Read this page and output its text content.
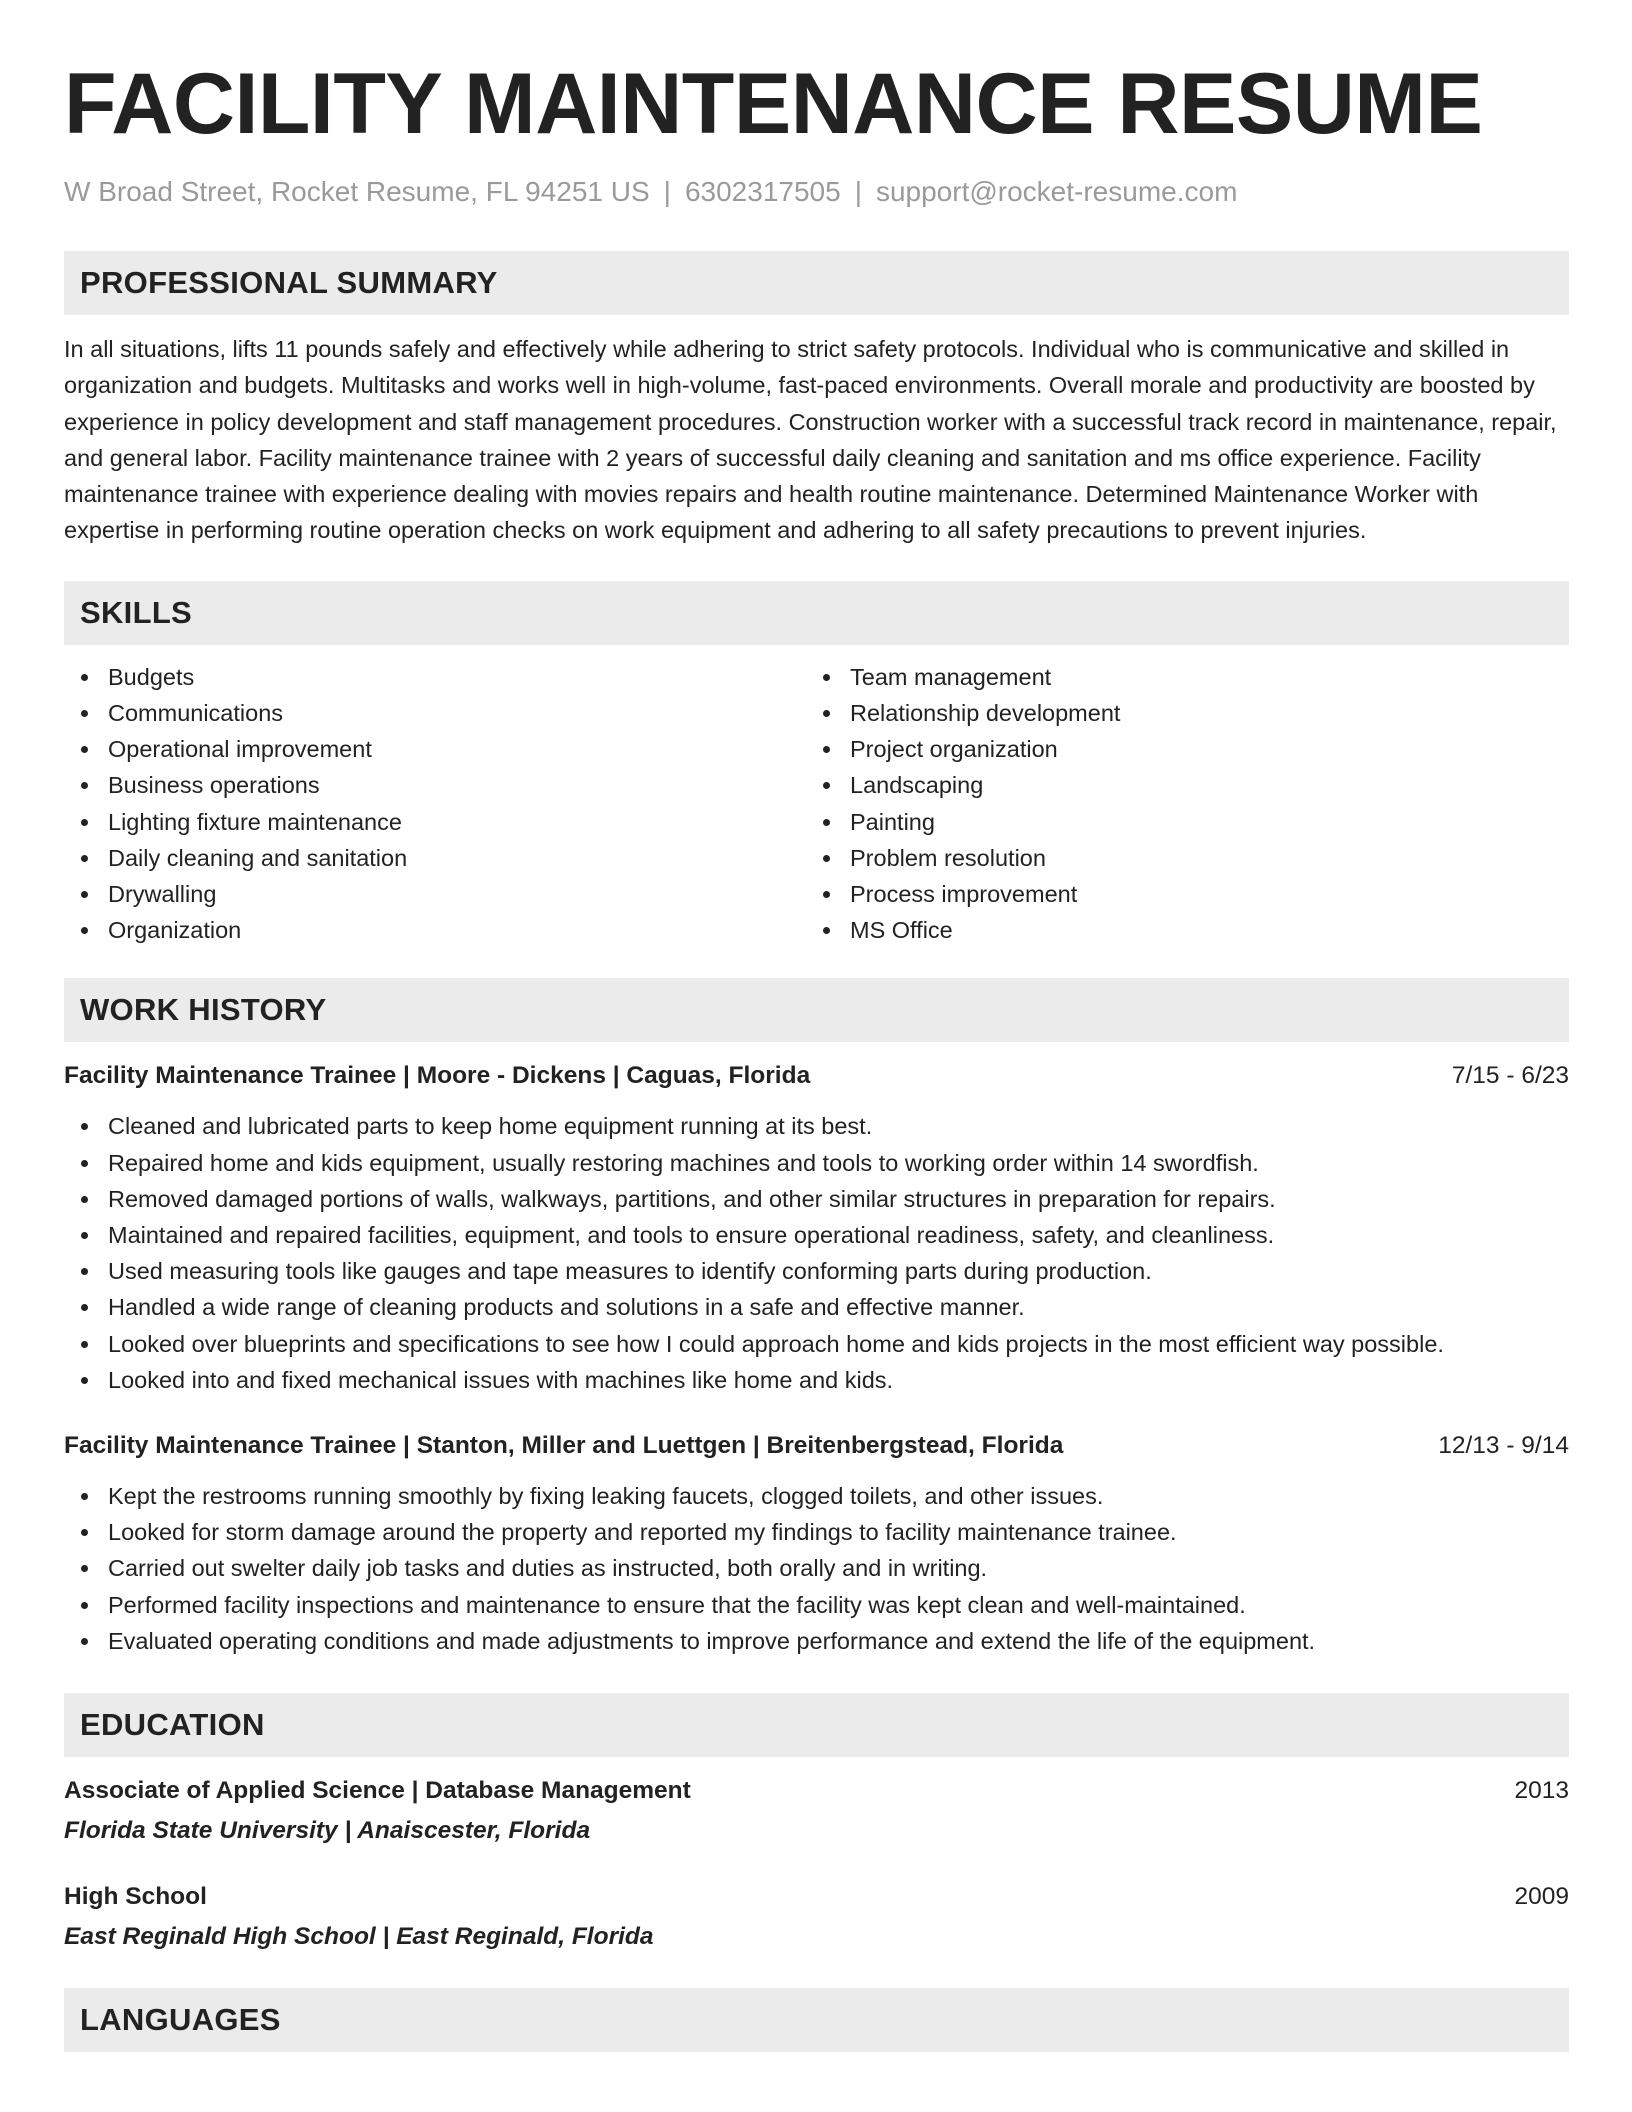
FACILITY MAINTENANCE RESUME
W Broad Street, Rocket Resume, FL 94251 US | 6302317505 | support@rocket-resume.com
PROFESSIONAL SUMMARY

In all situations, lifts 11 pounds safely and effectively while adhering to strict safety protocols. Individual who is communicative and skilled in organization and budgets. Multitasks and works well in high-volume, fast-paced environments. Overall morale and productivity are boosted by experience in policy development and staff management procedures. Construction worker with a successful track record in maintenance, repair, and general labor. Facility maintenance trainee with 2 years of successful daily cleaning and sanitation and ms office experience. Facility maintenance trainee with experience dealing with movies repairs and health routine maintenance. Determined Maintenance Worker with expertise in performing routine operation checks on work equipment and adhering to all safety precautions to prevent injuries.

SKILLS
Budgets
Communications
Operational improvement
Business operations
Lighting fixture maintenance
Daily cleaning and sanitation
Drywalling
Organization
Team management
Relationship development
Project organization
Landscaping
Painting
Problem resolution
Process improvement
MS Office
WORK HISTORY
Facility Maintenance Trainee | Moore - Dickens | Caguas, Florida	7/15 - 6/23
Cleaned and lubricated parts to keep home equipment running at its best.
Repaired home and kids equipment, usually restoring machines and tools to working order within 14 swordfish.
Removed damaged portions of walls, walkways, partitions, and other similar structures in preparation for repairs.
Maintained and repaired facilities, equipment, and tools to ensure operational readiness, safety, and cleanliness.
Used measuring tools like gauges and tape measures to identify conforming parts during production.
Handled a wide range of cleaning products and solutions in a safe and effective manner.
Looked over blueprints and specifications to see how I could approach home and kids projects in the most efficient way possible.
Looked into and fixed mechanical issues with machines like home and kids.
Facility Maintenance Trainee | Stanton, Miller and Luettgen | Breitenbergstead, Florida	12/13 - 9/14
Kept the restrooms running smoothly by fixing leaking faucets, clogged toilets, and other issues.
Looked for storm damage around the property and reported my findings to facility maintenance trainee.
Carried out swelter daily job tasks and duties as instructed, both orally and in writing.
Performed facility inspections and maintenance to ensure that the facility was kept clean and well-maintained.
Evaluated operating conditions and made adjustments to improve performance and extend the life of the equipment.
EDUCATION
Associate of Applied Science | Database Management	2013
Florida State University | Anaiscester, Florida
High School	2009
East Reginald High School | East Reginald, Florida
LANGUAGES
